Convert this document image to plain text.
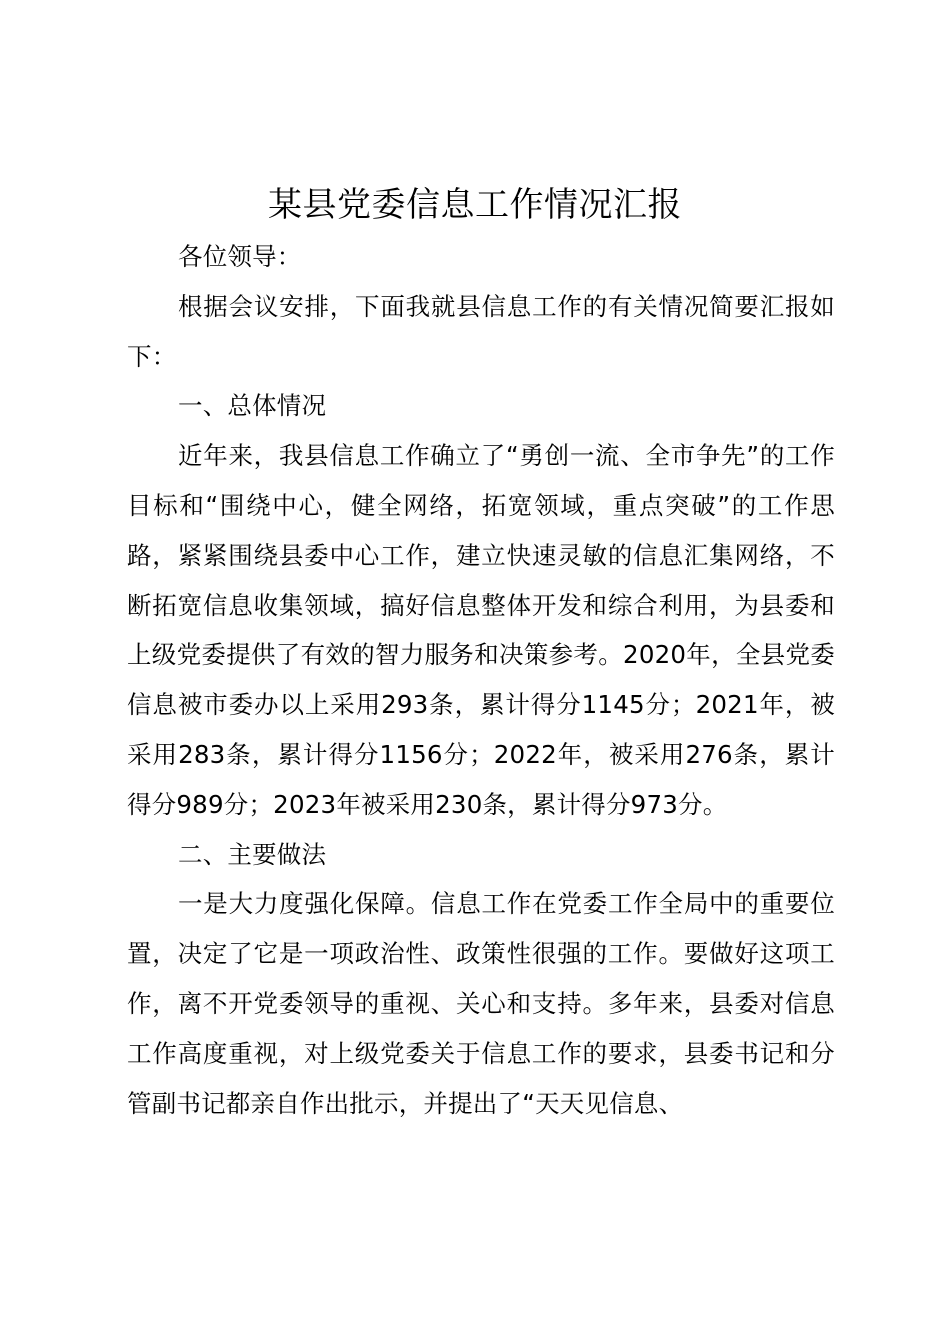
某县党委信息工作情况汇报

各位领导：

根据会议安排，下面我就县信息工作的有关情况简要汇报如下：

一、总体情况

近年来，我县信息工作确立了“勇创一流、全市争先”的工作目标和“围绕中心，健全网络，拓宽领域，重点突破”的工作思路，紧紧围绕县委中心工作，建立快速灵敏的信息汇集网络，不断拓宽信息收集领域，搞好信息整体开发和综合利用，为县委和上级党委提供了有效的智力服务和决策参考。2020年，全县党委信息被市委办以上采用293条，累计得分1145分；2021年，被采用283条，累计得分1156分；2022年，被采用276条，累计得分989分；2023年被采用230条，累计得分973分。

二、主要做法

一是大力度强化保障。信息工作在党委工作全局中的重要位置，决定了它是一项政治性、政策性很强的工作。要做好这项工作，离不开党委领导的重视、关心和支持。多年来，县委对信息工作高度重视，对上级党委关于信息工作的要求，县委书记和分管副书记都亲自作出批示，并提出了“天天见信息、
